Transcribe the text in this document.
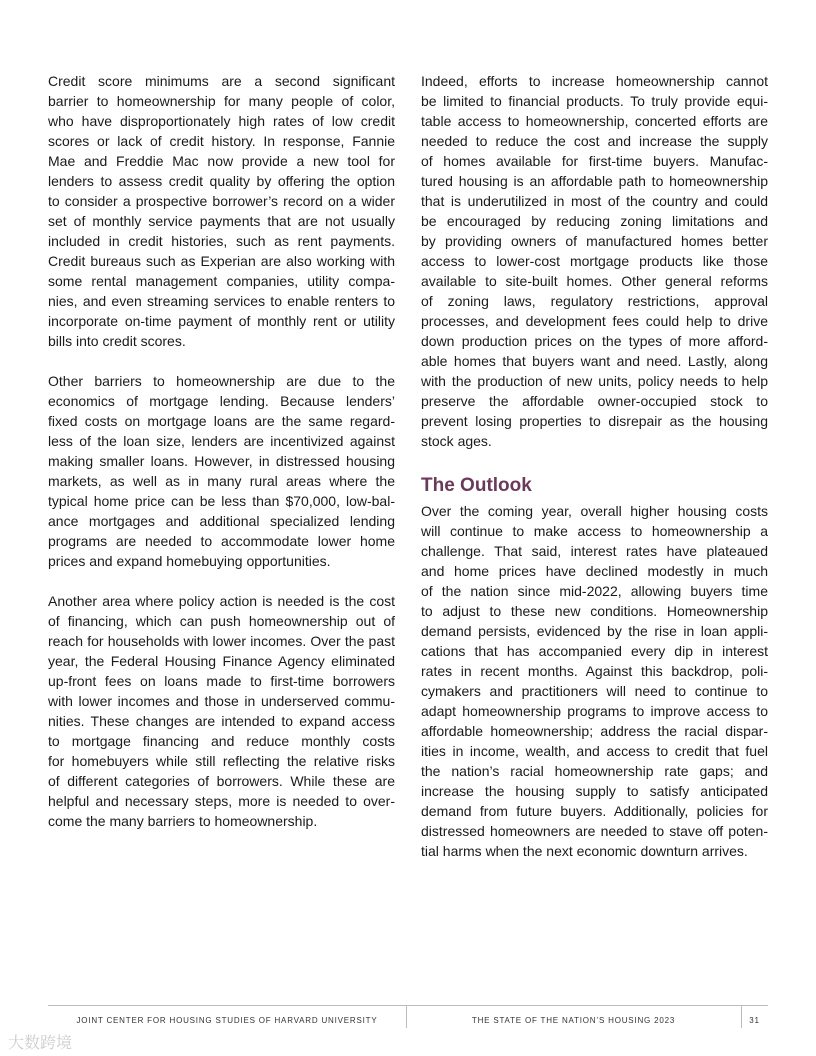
Credit score minimums are a second significant
barrier to homeownership for many people of color,
who have disproportionately high rates of low credit
scores or lack of credit history. In response, Fannie
Mae and Freddie Mac now provide a new tool for
lenders to assess credit quality by offering the option
to consider a prospective borrower’s record on a wider
set of monthly service payments that are not usually
included in credit histories, such as rent payments.
Credit bureaus such as Experian are also working with
some rental management companies, utility compa-
nies, and even streaming services to enable renters to
incorporate on-time payment of monthly rent or utility
bills into credit scores.

Other barriers to homeownership are due to the
economics of mortgage lending. Because lenders’
fixed costs on mortgage loans are the same regard-
less of the loan size, lenders are incentivized against
making smaller loans. However, in distressed housing
markets, as well as in many rural areas where the
typical home price can be less than $70,000, low-bal-
ance mortgages and additional specialized lending
programs are needed to accommodate lower home
prices and expand homebuying opportunities.

Another area where policy action is needed is the cost
of financing, which can push homeownership out of
reach for households with lower incomes. Over the past
year, the Federal Housing Finance Agency eliminated
up-front fees on loans made to first-time borrowers
with lower incomes and those in underserved commu-
nities. These changes are intended to expand access
to mortgage financing and reduce monthly costs
for homebuyers while still reflecting the relative risks
of different categories of borrowers. While these are
helpful and necessary steps, more is needed to over-
come the many barriers to homeownership.

Indeed, efforts to increase homeownership cannot
be limited to financial products. To truly provide equi-
table access to homeownership, concerted efforts are
needed to reduce the cost and increase the supply
of homes available for first-time buyers. Manufac-
tured housing is an affordable path to homeownership
that is underutilized in most of the country and could
be encouraged by reducing zoning limitations and
by providing owners of manufactured homes better
access to lower-cost mortgage products like those
available to site-built homes. Other general reforms
of zoning laws, regulatory restrictions, approval
processes, and development fees could help to drive
down production prices on the types of more afford-
able homes that buyers want and need. Lastly, along
with the production of new units, policy needs to help
preserve the affordable owner-occupied stock to
prevent losing properties to disrepair as the housing
stock ages.

The Outlook

Over the coming year, overall higher housing costs
will continue to make access to homeownership a
challenge. That said, interest rates have plateaued
and home prices have declined modestly in much
of the nation since mid-2022, allowing buyers time
to adjust to these new conditions. Homeownership
demand persists, evidenced by the rise in loan appli-
cations that has accompanied every dip in interest
rates in recent months. Against this backdrop, poli-
cymakers and practitioners will need to continue to
adapt homeownership programs to improve access to
affordable homeownership; address the racial dispar-
ities in income, wealth, and access to credit that fuel
the nation’s racial homeownership rate gaps; and
increase the housing supply to satisfy anticipated
demand from future buyers. Additionally, policies for
distressed homeowners are needed to stave off poten-
tial harms when the next economic downturn arrives.

JOINT CENTER FOR HOUSING STUDIES OF HARVARD UNIVERSITY	THE STATE OF THE NATION’S HOUSING 2023	31
大数跨境
